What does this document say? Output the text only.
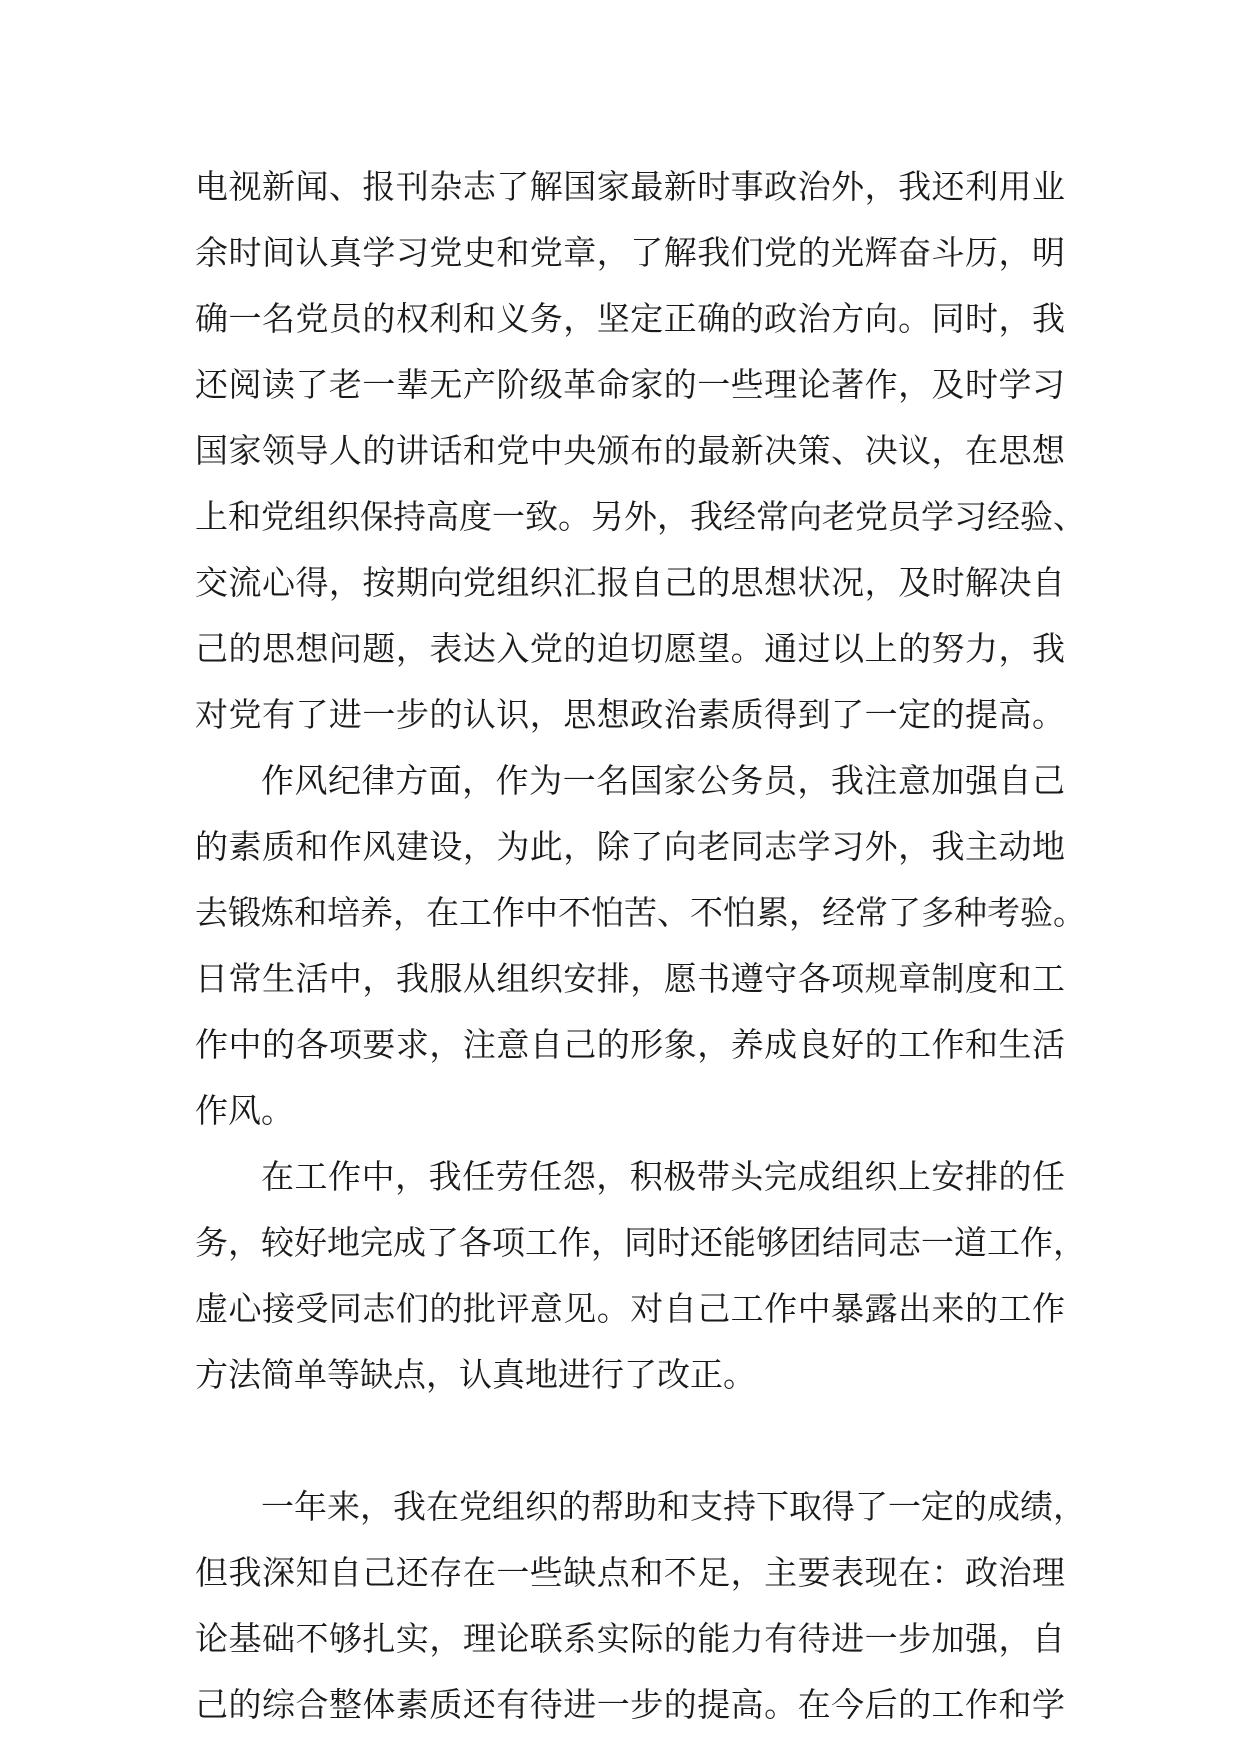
电视新闻、报刊杂志了解国家最新时事政治外，我还利用业
余时间认真学习党史和党章，了解我们党的光辉奋斗历，明
确一名党员的权利和义务，坚定正确的政治方向。同时，我
还阅读了老一辈无产阶级革命家的一些理论著作，及时学习
国家领导人的讲话和党中央颁布的最新决策、决议，在思想
上和党组织保持高度一致。另外，我经常向老党员学习经验、
交流心得，按期向党组织汇报自己的思想状况，及时解决自
己的思想问题，表达入党的迫切愿望。通过以上的努力，我
对党有了进一步的认识，思想政治素质得到了一定的提高。
作风纪律方面，作为一名国家公务员，我注意加强自己
的素质和作风建设，为此，除了向老同志学习外，我主动地
去锻炼和培养，在工作中不怕苦、不怕累，经常了多种考验。
日常生活中，我服从组织安排，愿书遵守各项规章制度和工
作中的各项要求，注意自己的形象，养成良好的工作和生活
作风。
在工作中，我任劳任怨，积极带头完成组织上安排的任
务，较好地完成了各项工作，同时还能够团结同志一道工作，
虚心接受同志们的批评意见。对自己工作中暴露出来的工作
方法简单等缺点，认真地进行了改正。
一年来，我在党组织的帮助和支持下取得了一定的成绩，
但我深知自己还存在一些缺点和不足，主要表现在：政治理
论基础不够扎实，理论联系实际的能力有待进一步加强，自
己的综合整体素质还有待进一步的提高。在今后的工作和学
